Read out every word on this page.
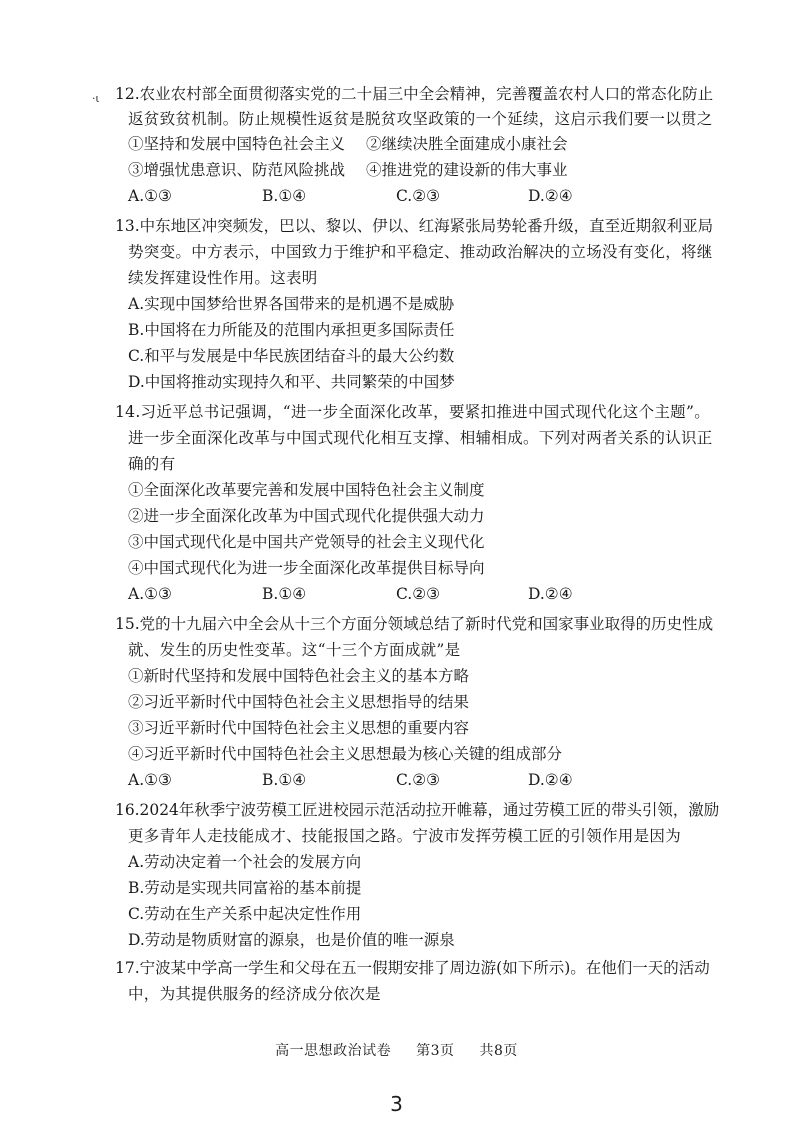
·ι 12.农业农村部全面贯彻落实党的二十届三中全会精神，完善覆盖农村人口的常态化防止
返贫致贫机制。防止规模性返贫是脱贫攻坚政策的一个延续，这启示我们要一以贯之
①坚持和发展中国特色社会主义 ②继续决胜全面建成小康社会
③增强忧患意识、防范风险挑战 ④推进党的建设新的伟大事业
A.①③	B.①④	C.②③	D.②④
13.中东地区冲突频发，巴以、黎以、伊以、红海紧张局势轮番升级，直至近期叙利亚局
势突变。中方表示，中国致力于维护和平稳定、推动政治解决的立场没有变化，将继
续发挥建设性作用。这表明
A.实现中国梦给世界各国带来的是机遇不是威胁
B.中国将在力所能及的范围内承担更多国际责任
C.和平与发展是中华民族团结奋斗的最大公约数
D.中国将推动实现持久和平、共同繁荣的中国梦
14.习近平总书记强调，“进一步全面深化改革，要紧扣推进中国式现代化这个主题”。
进一步全面深化改革与中国式现代化相互支撑、相辅相成。下列对两者关系的认识正
确的有
①全面深化改革要完善和发展中国特色社会主义制度
②进一步全面深化改革为中国式现代化提供强大动力
③中国式现代化是中国共产党领导的社会主义现代化
④中国式现代化为进一步全面深化改革提供目标导向
A.①③	B.①④	C.②③	D.②④
15.党的十九届六中全会从十三个方面分领域总结了新时代党和国家事业取得的历史性成
就、发生的历史性变革。这“十三个方面成就”是
①新时代坚持和发展中国特色社会主义的基本方略
②习近平新时代中国特色社会主义思想指导的结果
③习近平新时代中国特色社会主义思想的重要内容
④习近平新时代中国特色社会主义思想最为核心关键的组成部分
A.①③	B.①④	C.②③	D.②④
16.2024年秋季宁波劳模工匠进校园示范活动拉开帷幕，通过劳模工匠的带头引领，激励
更多青年人走技能成才、技能报国之路。宁波市发挥劳模工匠的引领作用是因为
A.劳动决定着一个社会的发展方向
B.劳动是实现共同富裕的基本前提
C.劳动在生产关系中起决定性作用
D.劳动是物质财富的源泉，也是价值的唯一源泉
17.宁波某中学高一学生和父母在五一假期安排了周边游(如下所示)。在他们一天的活动
中，为其提供服务的经济成分依次是
高一思想政治试卷 第3页 共8页
3
